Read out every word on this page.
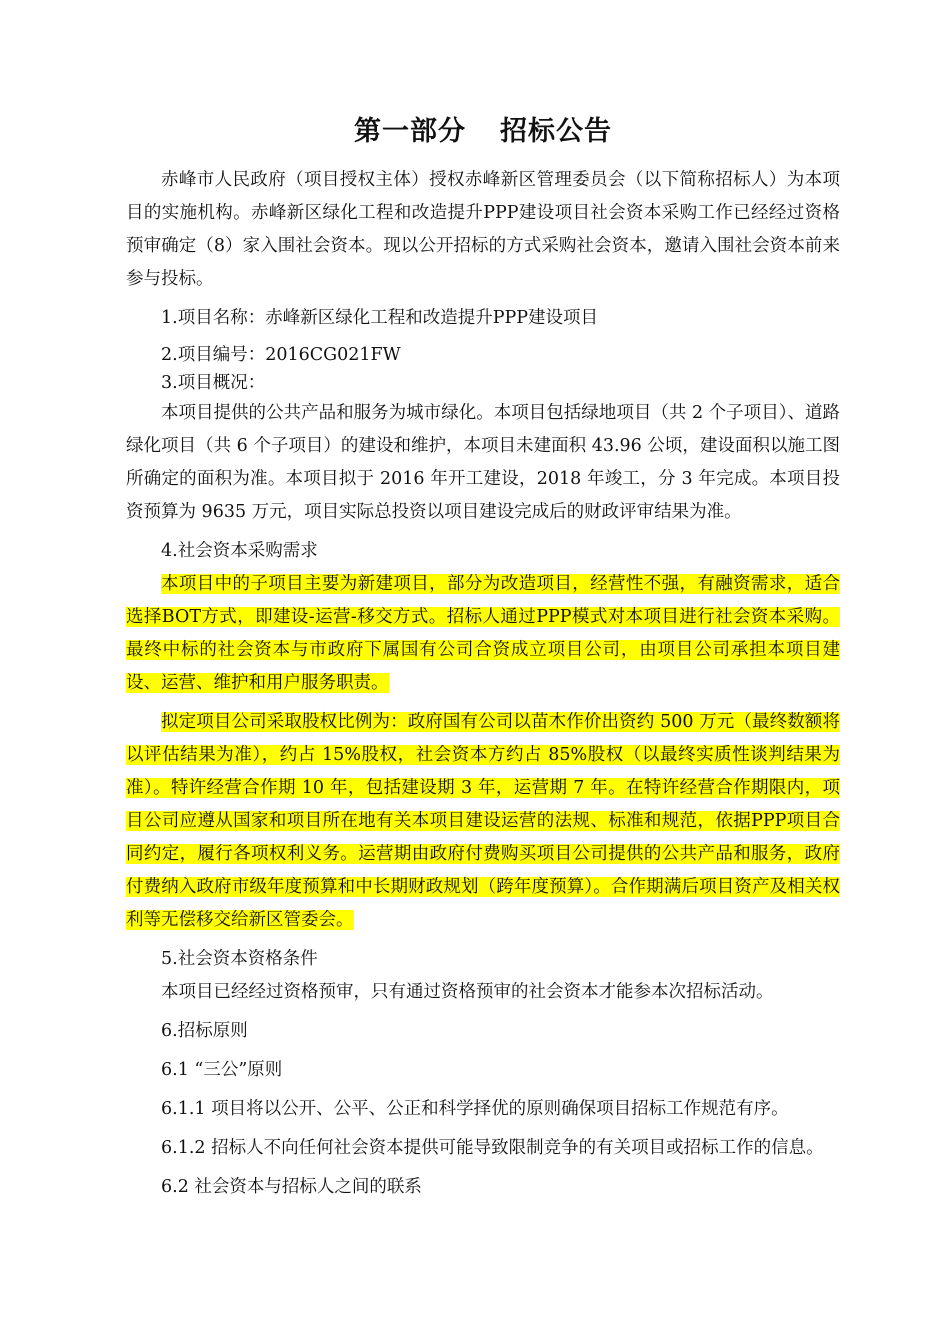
第一部分 招标公告

赤峰市人民政府（项目授权主体）授权赤峰新区管理委员会（以下简称招标人）为本项目的实施机构。赤峰新区绿化工程和改造提升PPP建设项目社会资本采购工作已经经过资格预审确定（8）家入围社会资本。现以公开招标的方式采购社会资本，邀请入围社会资本前来参与投标。

1.项目名称：赤峰新区绿化工程和改造提升PPP建设项目

2.项目编号：2016CG021FW

3.项目概况：

本项目提供的公共产品和服务为城市绿化。本项目包括绿地项目（共 2 个子项目）、道路绿化项目（共 6 个子项目）的建设和维护，本项目未建面积 43.96 公顷，建设面积以施工图所确定的面积为准。本项目拟于 2016 年开工建设，2018 年竣工，分 3 年完成。本项目投资预算为 9635 万元，项目实际总投资以项目建设完成后的财政评审结果为准。

4.社会资本采购需求

本项目中的子项目主要为新建项目，部分为改造项目，经营性不强，有融资需求，适合选择BOT方式，即建设-运营-移交方式。招标人通过PPP模式对本项目进行社会资本采购。最终中标的社会资本与市政府下属国有公司合资成立项目公司，由项目公司承担本项目建设、运营、维护和用户服务职责。

拟定项目公司采取股权比例为：政府国有公司以苗木作价出资约 500 万元（最终数额将以评估结果为准），约占 15%股权，社会资本方约占 85%股权（以最终实质性谈判结果为准）。特许经营合作期 10 年，包括建设期 3 年，运营期 7 年。在特许经营合作期限内，项目公司应遵从国家和项目所在地有关本项目建设运营的法规、标准和规范，依据PPP项目合同约定，履行各项权利义务。运营期由政府付费购买项目公司提供的公共产品和服务，政府付费纳入政府市级年度预算和中长期财政规划（跨年度预算）。合作期满后项目资产及相关权利等无偿移交给新区管委会。

5.社会资本资格条件

本项目已经经过资格预审，只有通过资格预审的社会资本才能参本次招标活动。

6.招标原则

6.1 “三公”原则

6.1.1 项目将以公开、公平、公正和科学择优的原则确保项目招标工作规范有序。

6.1.2 招标人不向任何社会资本提供可能导致限制竞争的有关项目或招标工作的信息。

6.2 社会资本与招标人之间的联系
